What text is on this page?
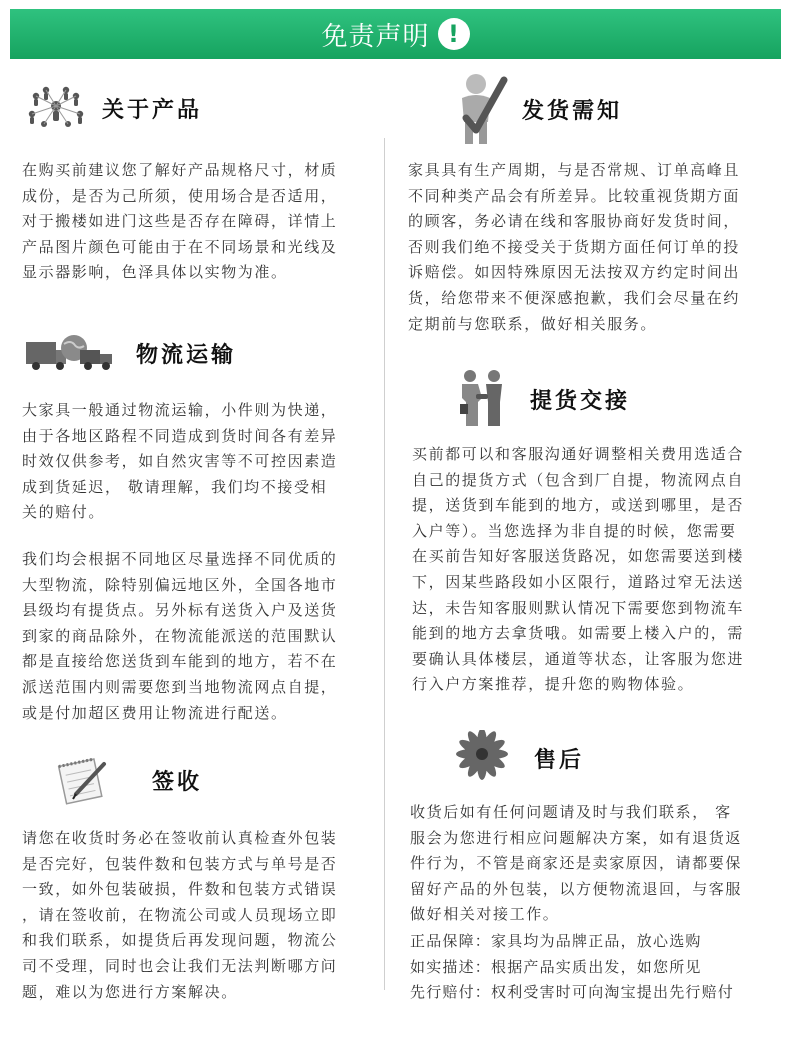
免责声明 !
关于产品
在购买前建议您了解好产品规格尺寸，材质
成份，是否为己所须，使用场合是否适用，
对于搬楼如进门这些是否存在障碍，详情上
产品图片颜色可能由于在不同场景和光线及
显示器影响，色泽具体以实物为准。
物流运输
大家具一般通过物流运输，小件则为快递，
由于各地区路程不同造成到货时间各有差异
时效仅供参考，如自然灾害等不可控因素造
成到货延迟， 敬请理解，我们均不接受相
关的赔付。
我们均会根据不同地区尽量选择不同优质的
大型物流，除特别偏远地区外，全国各地市
县级均有提货点。另外标有送货入户及送货
到家的商品除外，在物流能派送的范围默认
都是直接给您送货到车能到的地方，若不在
派送范围内则需要您到当地物流网点自提，
或是付加超区费用让物流进行配送。
签收
请您在收货时务必在签收前认真检查外包装
是否完好，包装件数和包装方式与单号是否
一致，如外包装破损，件数和包装方式错误
，请在签收前，在物流公司或人员现场立即
和我们联系，如提货后再发现问题，物流公
司不受理，同时也会让我们无法判断哪方问
题，难以为您进行方案解决。
发货需知
家具具有生产周期，与是否常规、订单高峰且
不同种类产品会有所差异。比较重视货期方面
的顾客，务必请在线和客服协商好发货时间，
否则我们绝不接受关于货期方面任何订单的投
诉赔偿。如因特殊原因无法按双方约定时间出
货，给您带来不便深感抱歉，我们会尽量在约
定期前与您联系，做好相关服务。
提货交接
买前都可以和客服沟通好调整相关费用选适合
自己的提货方式（包含到厂自提，物流网点自
提，送货到车能到的地方，或送到哪里，是否
入户等）。当您选择为非自提的时候，您需要
在买前告知好客服送货路况，如您需要送到楼
下，因某些路段如小区限行，道路过窄无法送
达，未告知客服则默认情况下需要您到物流车
能到的地方去拿货哦。如需要上楼入户的，需
要确认具体楼层，通道等状态，让客服为您进
行入户方案推荐，提升您的购物体验。
售后
收货后如有任何问题请及时与我们联系， 客
服会为您进行相应问题解决方案，如有退货返
件行为，不管是商家还是卖家原因，请都要保
留好产品的外包装，以方便物流退回，与客服
做好相关对接工作。
正品保障：家具均为品牌正品，放心选购
如实描述：根据产品实质出发，如您所见
先行赔付：权利受害时可向淘宝提出先行赔付
